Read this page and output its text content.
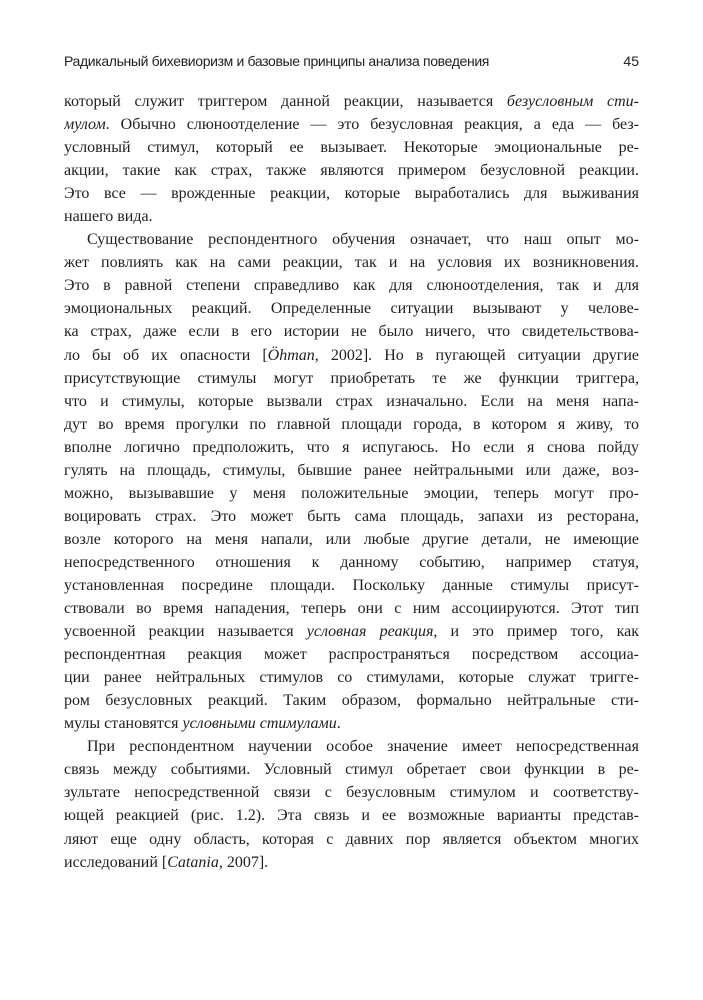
Радикальный бихевиоризм и базовые принципы анализа поведения	45
который служит триггером данной реакции, называется безусловным сти-
мулом. Обычно слюноотделение — это безусловная реакция, а еда — без-
условный стимул, который ее вызывает. Некоторые эмоциональные ре-
акции, такие как страх, также являются примером безусловной реакции.
Это все — врожденные реакции, которые выработались для выживания
нашего вида.
Существование респондентного обучения означает, что наш опыт мо-
жет повлиять как на сами реакции, так и на условия их возникновения.
Это в равной степени справедливо как для слюноотделения, так и для
эмоциональных реакций. Определенные ситуации вызывают у челове-
ка страх, даже если в его истории не было ничего, что свидетельствова-
ло бы об их опасности [Öhman, 2002]. Но в пугающей ситуации другие
присутствующие стимулы могут приобретать те же функции триггера,
что и стимулы, которые вызвали страх изначально. Если на меня напа-
дут во время прогулки по главной площади города, в котором я живу, то
вполне логично предположить, что я испугаюсь. Но если я снова пойду
гулять на площадь, стимулы, бывшие ранее нейтральными или даже, воз-
можно, вызывавшие у меня положительные эмоции, теперь могут про-
воцировать страх. Это может быть сама площадь, запахи из ресторана,
возле которого на меня напали, или любые другие детали, не имеющие
непосредственного отношения к данному событию, например статуя,
установленная посредине площади. Поскольку данные стимулы присут-
ствовали во время нападения, теперь они с ним ассоциируются. Этот тип
усвоенной реакции называется условная реакция, и это пример того, как
респондентная реакция может распространяться посредством ассоциа-
ции ранее нейтральных стимулов со стимулами, которые служат тригге-
ром безусловных реакций. Таким образом, формально нейтральные сти-
мулы становятся условными стимулами.
При респондентном научении особое значение имеет непосредственная
связь между событиями. Условный стимул обретает свои функции в ре-
зультате непосредственной связи с безусловным стимулом и соответству-
ющей реакцией (рис. 1.2). Эта связь и ее возможные варианты представ-
ляют еще одну область, которая с давних пор является объектом многих
исследований [Catania, 2007].
